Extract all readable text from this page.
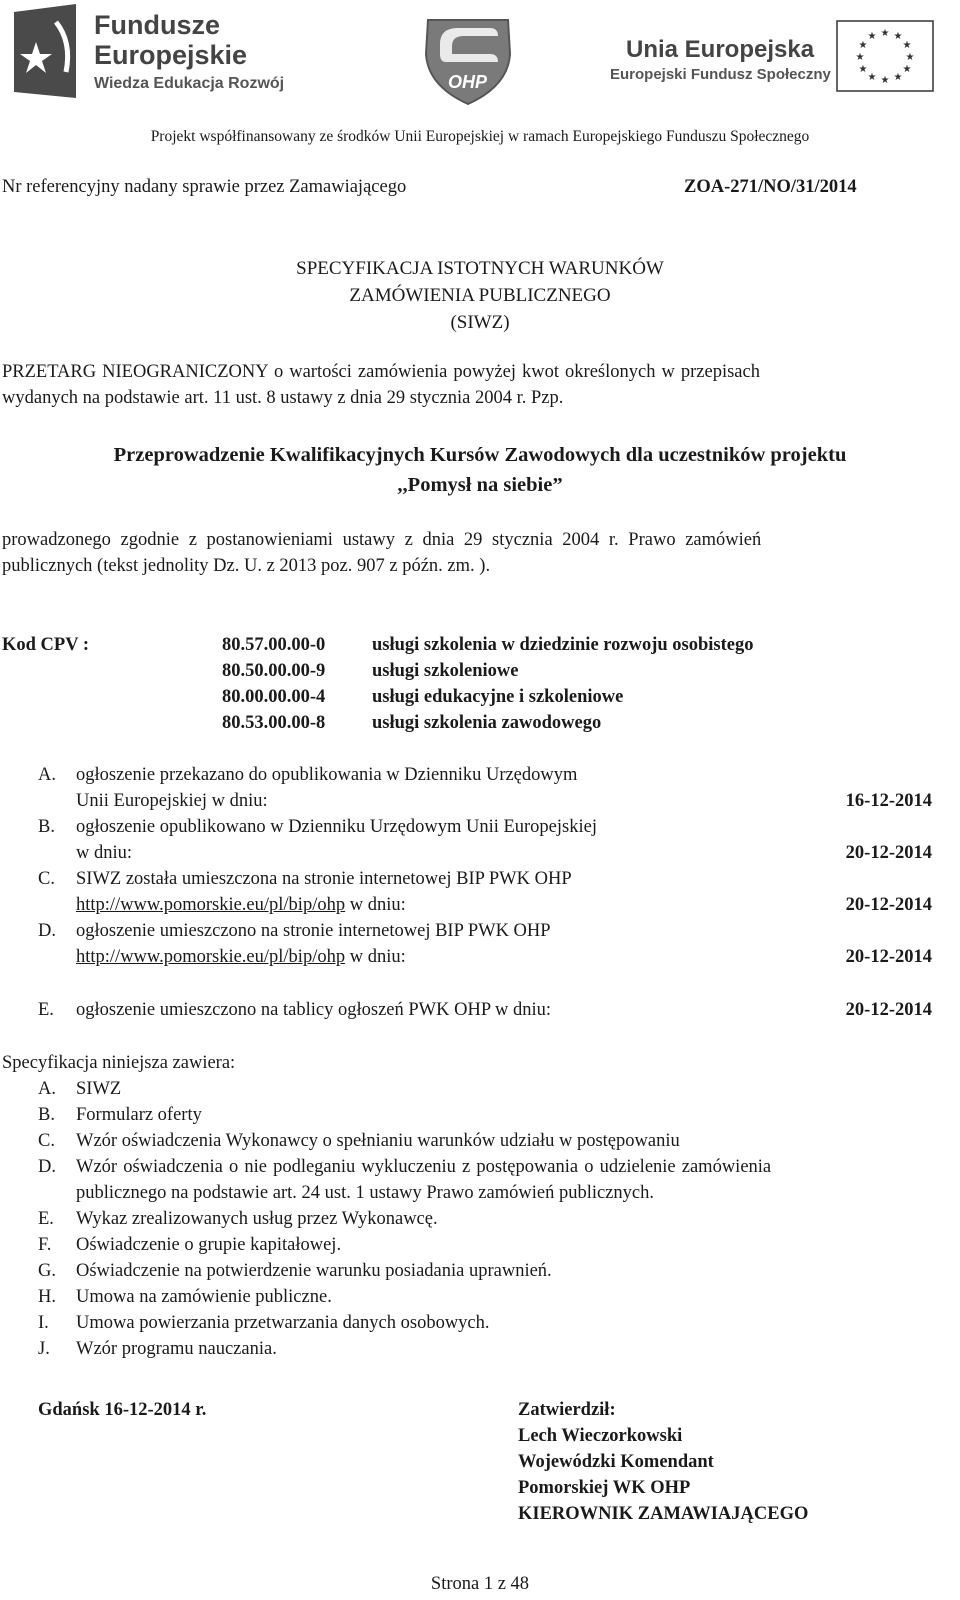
Fundusze
Europejskie
Wiedza Edukacja Rozwój	OHP
Unia Europejska
Europejski Fundusz Społeczny
★ ★
★
★
★
★
★
★
★
★
★
★
Projekt współfinansowany ze środków Unii Europejskiej w ramach Europejskiego Funduszu Społecznego
Nr referencyjny nadany sprawie przez Zamawiającego	ZOA-271/NO/31/2014
SPECYFIKACJA ISTOTNYCH WARUNKÓW
ZAMÓWIENIA PUBLICZNEGO
(SIWZ)
PRZETARG NIEOGRANICZONY o wartości zamówienia powyżej kwot określonych w przepisach
wydanych na podstawie art. 11 ust. 8 ustawy z dnia 29 stycznia 2004 r. Pzp.
Przeprowadzenie Kwalifikacyjnych Kursów Zawodowych dla uczestników projektu
,,Pomysł na siebie”
prowadzonego zgodnie z postanowieniami ustawy z dnia 29 stycznia 2004 r. Prawo zamówień
publicznych (tekst jednolity Dz. U. z 2013 poz. 907 z późn. zm. ).
Kod CPV :	80.57.00.00-0	usługi szkolenia w dziedzinie rozwoju osobistego
80.50.00.00-9	usługi szkoleniowe
80.00.00.00-4	usługi edukacyjne i szkoleniowe
80.53.00.00-8	usługi szkolenia zawodowego
A. ogłoszenie przekazano do opublikowania w Dzienniku Urzędowym
Unii Europejskiej w dniu:	16-12-2014
B. ogłoszenie opublikowano w Dzienniku Urzędowym Unii Europejskiej
w dniu:	20-12-2014
C. SIWZ została umieszczona na stronie internetowej BIP PWK OHP
http://www.pomorskie.eu/pl/bip/ohp w dniu:	20-12-2014
D. ogłoszenie umieszczono na stronie internetowej BIP PWK OHP
http://www.pomorskie.eu/pl/bip/ohp w dniu:	20-12-2014
E. ogłoszenie umieszczono na tablicy ogłoszeń PWK OHP w dniu:	20-12-2014
Specyfikacja niniejsza zawiera:
A. SIWZ
B. Formularz oferty
C. Wzór oświadczenia Wykonawcy o spełnianiu warunków udziału w postępowaniu
D. Wzór oświadczenia o nie podleganiu wykluczeniu z postępowania o udzielenie zamówienia
publicznego na podstawie art. 24 ust. 1 ustawy Prawo zamówień publicznych.
E. Wykaz zrealizowanych usług przez Wykonawcę.
F. Oświadczenie o grupie kapitałowej.
G. Oświadczenie na potwierdzenie warunku posiadania uprawnień.
H. Umowa na zamówienie publiczne.
I. Umowa powierzania przetwarzania danych osobowych.
J. Wzór programu nauczania.
Gdańsk 16-12-2014 r.	Zatwierdził:
Lech Wieczorkowski
Wojewódzki Komendant
Pomorskiej WK OHP
KIEROWNIK ZAMAWIAJĄCEGO
Strona 1 z 48
